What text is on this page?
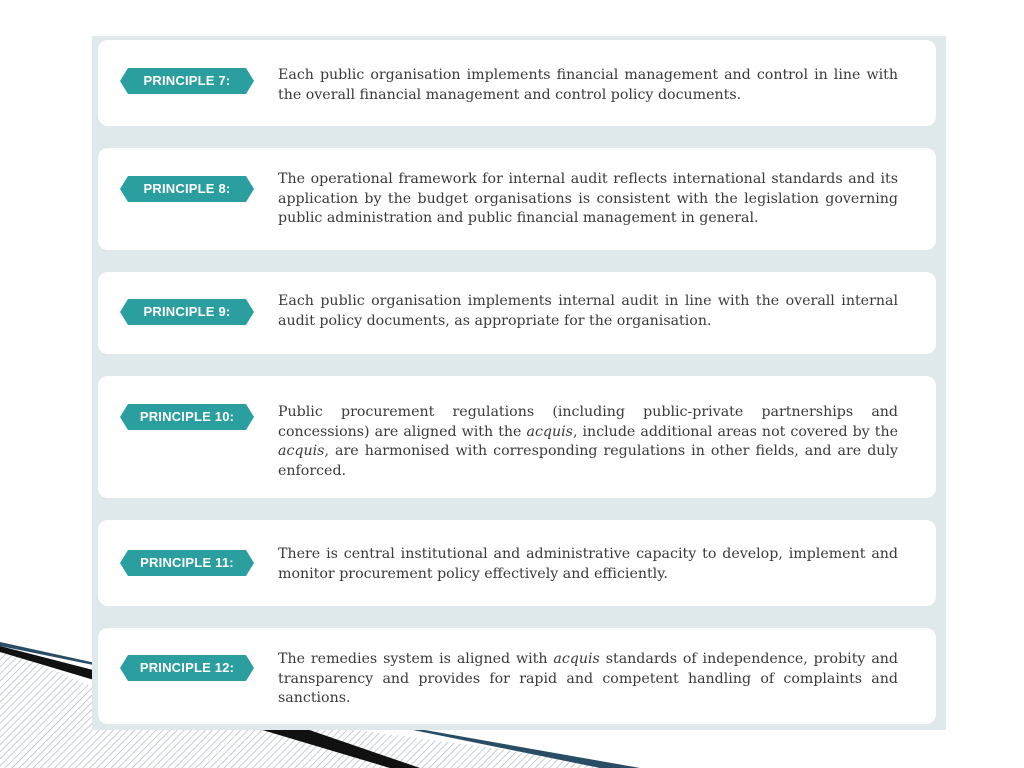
PRINCIPLE 7:	Each public organisation implements financial management and control in line with the overall financial management and control policy documents.
PRINCIPLE 8:
The operational framework for internal audit reflects international standards and its application by the budget organisations is consistent with the legislation governing public administration and public financial management in general.
PRINCIPLE 9:
Each public organisation implements internal audit in line with the overall internal audit policy documents, as appropriate for the organisation.
PRINCIPLE 10:	Public procurement regulations (including public-private partnerships and concessions) are aligned with the acquis, include additional areas not covered by the acquis, are harmonised with corresponding regulations in other fields, and are duly enforced.
PRINCIPLE 11:
There is central institutional and administrative capacity to develop, implement and monitor procurement policy effectively and efficiently.
PRINCIPLE 12:
The remedies system is aligned with acquis standards of independence, probity and transparency and provides for rapid and competent handling of complaints and sanctions.
